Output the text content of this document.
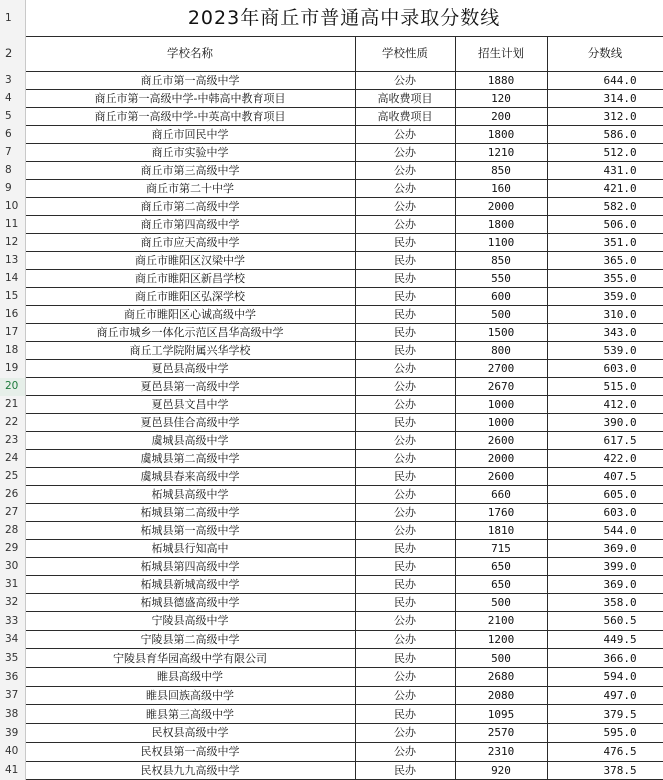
1	2023年商丘市普通高中录取分数线			
2	学校名称	学校性质	招生计划	分数线
3	商丘市第一高级中学	公办	1880	644.0
4	商丘市第一高级中学-中韩高中教育项目	高收费项目	120	314.0
5	商丘市第一高级中学-中英高中教育项目	高收费项目	200	312.0
6	商丘市回民中学	公办	1800	586.0
7	商丘市实验中学	公办	1210	512.0
8	商丘市第三高级中学	公办	850	431.0
9	商丘市第二十中学	公办	160	421.0
10	商丘市第二高级中学	公办	2000	582.0
11	商丘市第四高级中学	公办	1800	506.0
12	商丘市应天高级中学	民办	1100	351.0
13	商丘市睢阳区汉梁中学	民办	850	365.0
14	商丘市睢阳区新昌学校	民办	550	355.0
15	商丘市睢阳区弘深学校	民办	600	359.0
16	商丘市睢阳区心诚高级中学	民办	500	310.0
17	商丘市城乡一体化示范区昌华高级中学	民办	1500	343.0
18	商丘工学院附属兴华学校	民办	800	539.0
19	夏邑县高级中学	公办	2700	603.0
20	夏邑县第一高级中学	公办	2670	515.0
21	夏邑县文昌中学	公办	1000	412.0
22	夏邑县佳合高级中学	民办	1000	390.0
23	虞城县高级中学	公办	2600	617.5
24	虞城县第二高级中学	公办	2000	422.0
25	虞城县春来高级中学	民办	2600	407.5
26	柘城县高级中学	公办	660	605.0
27	柘城县第二高级中学	公办	1760	603.0
28	柘城县第一高级中学	公办	1810	544.0
29	柘城县行知高中	民办	715	369.0
30	柘城县第四高级中学	民办	650	399.0
31	柘城县新城高级中学	民办	650	369.0
32	柘城县德盛高级中学	民办	500	358.0
33	宁陵县高级中学	公办	2100	560.5
34	宁陵县第二高级中学	公办	1200	449.5
35	宁陵县育华园高级中学有限公司	民办	500	366.0
36	睢县高级中学	公办	2680	594.0
37	睢县回族高级中学	公办	2080	497.0
38	睢县第三高级中学	民办	1095	379.5
39	民权县高级中学	公办	2570	595.0
40	民权县第一高级中学	公办	2310	476.5
41	民权县九九高级中学	民办	920	378.5
